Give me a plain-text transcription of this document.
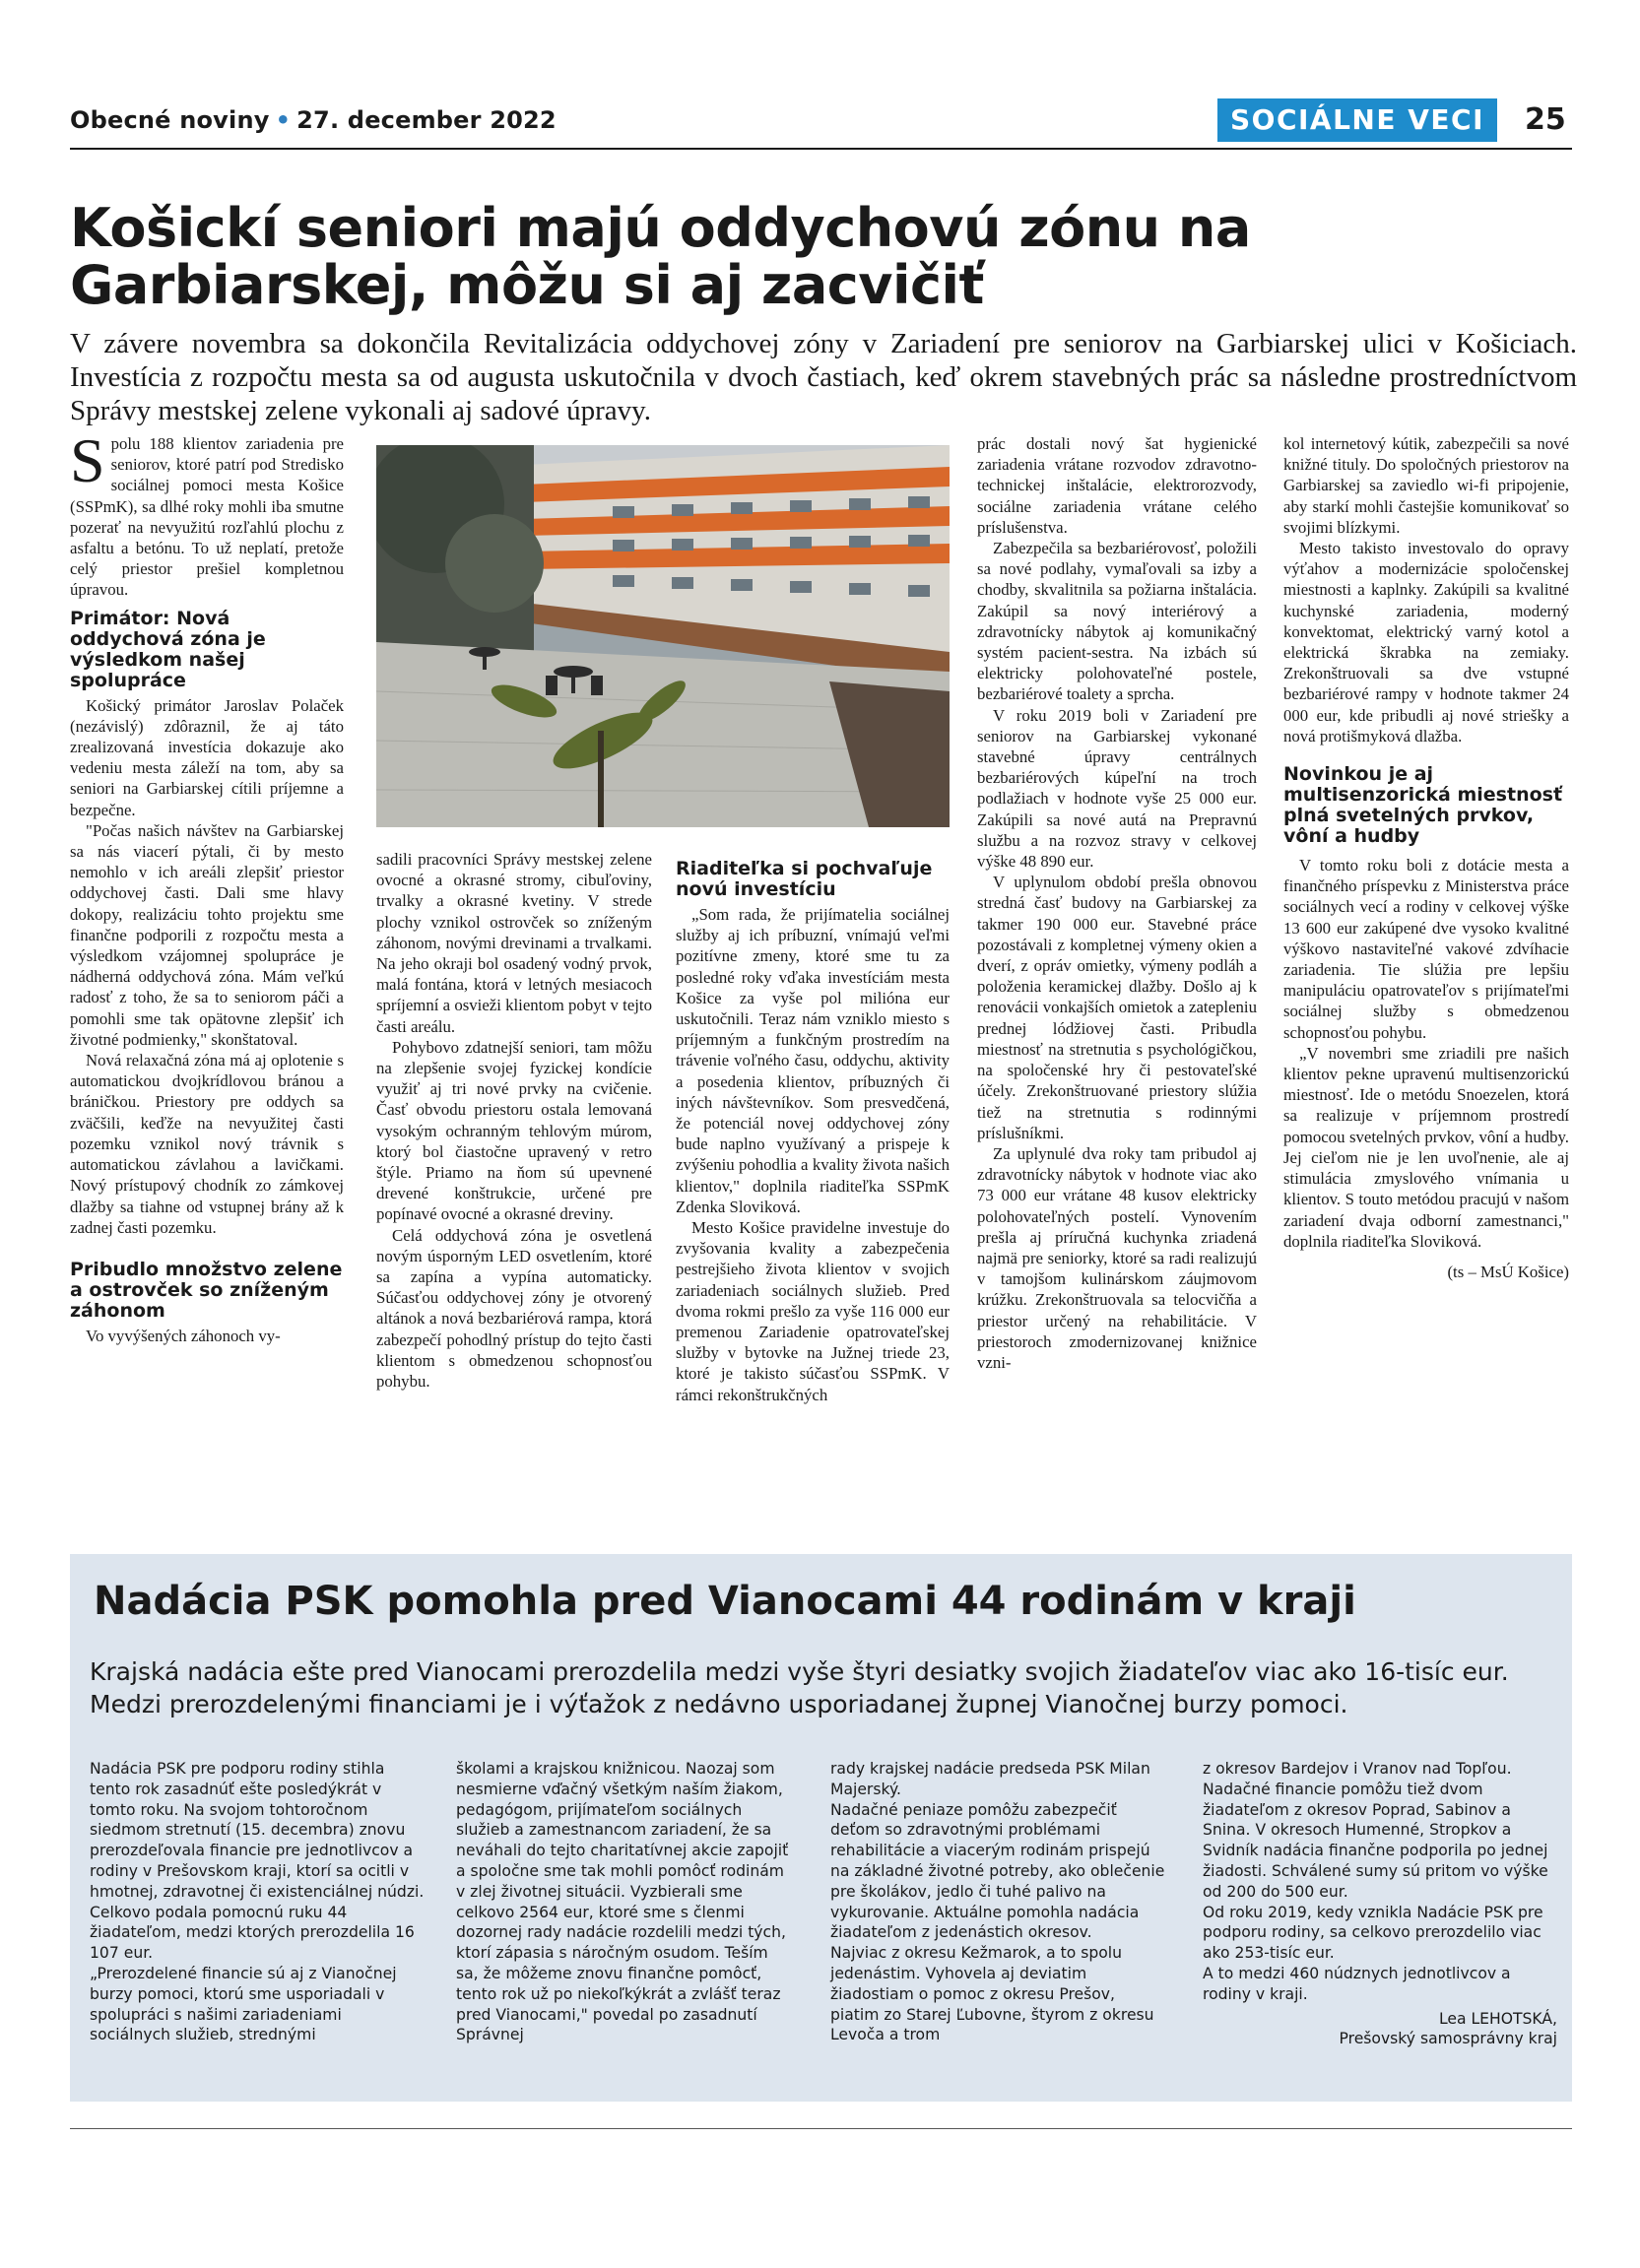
Obecné noviny • 27. december 2022	SOCIÁLNE VECI	25
Košickí seniori majú oddychovú zónu na Garbiarskej, môžu si aj zacvičiť

V závere novembra sa dokončila Revitalizácia oddychovej zóny v Zariadení pre seniorov na Garbiarskej ulici v Košiciach. Investícia z rozpočtu mesta sa od augusta uskutočnila v dvoch častiach, keď okrem stavebných prác sa následne prostredníctvom Správy mestskej zelene vykonali aj sadové úpravy.

Spolu 188 klientov zariadenia pre seniorov, ktoré patrí pod Stredisko sociálnej pomoci mesta Košice (SSPmK), sa dlhé roky mohli iba smutne pozerať na nevyužitú rozľahlú plochu z asfaltu a betónu. To už neplatí, pretože celý priestor prešiel kompletnou úpravou.

Primátor: Nová oddychová zóna je výsledkom našej spolupráce

Košický primátor Jaroslav Polaček (nezávislý) zdôraznil, že aj táto zrealizovaná investícia dokazuje ako vedeniu mesta záleží na tom, aby sa seniori na Garbiarskej cítili príjemne a bezpečne.

"Počas našich návštev na Garbiarskej sa nás viacerí pýtali, či by mesto nemohlo v ich areáli zlepšiť priestor oddychovej časti. Dali sme hlavy dokopy, realizáciu tohto projektu sme finančne podporili z rozpočtu mesta a výsledkom vzájomnej spolupráce je nádherná oddychová zóna. Mám veľkú radosť z toho, že sa to seniorom páči a pomohli sme tak opätovne zlepšiť ich životné podmienky," skonštatoval.

Nová relaxačná zóna má aj oplotenie s automatickou dvojkrídlovou bránou a bráničkou. Priestory pre oddych sa zväčšili, keďže na nevyužitej časti pozemku vznikol nový trávnik s automatickou závlahou a lavičkami. Nový prístupový chodník zo zámkovej dlažby sa tiahne od vstupnej brány až k zadnej časti pozemku.

Pribudlo množstvo zelene a ostrovček so zníženým záhonom

Vo vyvýšených záhonoch vy-

sadili pracovníci Správy mestskej zelene ovocné a okrasné stromy, cibuľoviny, trvalky a okrasné kvetiny. V strede plochy vznikol ostrovček so zníženým záhonom, novými drevinami a trvalkami. Na jeho okraji bol osadený vodný prvok, malá fontána, ktorá v letných mesiacoch spríjemní a osvieži klientom pobyt v tejto časti areálu.

Pohybovo zdatnejší seniori, tam môžu na zlepšenie svojej fyzickej kondície využiť aj tri nové prvky na cvičenie. Časť obvodu priestoru ostala lemovaná vysokým ochranným tehlovým múrom, ktorý bol čiastočne upravený v retro štýle. Priamo na ňom sú upevnené drevené konštrukcie, určené pre popínavé ovocné a okrasné dreviny.

Celá oddychová zóna je osvetlená novým úsporným LED osvetlením, ktoré sa zapína a vypína automaticky. Súčasťou oddychovej zóny je otvorený altánok a nová bezbariérová rampa, ktorá zabezpečí pohodlný prístup do tejto časti klientom s obmedzenou schopnosťou pohybu.

Riaditeľka si pochvaľuje novú investíciu

„Som rada, že prijímatelia sociálnej služby aj ich príbuzní, vnímajú veľmi pozitívne zmeny, ktoré sme tu za posledné roky vďaka investíciám mesta Košice za vyše pol milióna eur uskutočnili. Teraz nám vzniklo miesto s príjemným a funkčným prostredím na trávenie voľného času, oddychu, aktivity a posedenia klientov, príbuzných či iných návštevníkov. Som presvedčená, že potenciál novej oddychovej zóny bude naplno využívaný a prispeje k zvýšeniu pohodlia a kvality života našich klientov," doplnila riaditeľka SSPmK Zdenka Sloviková.

Mesto Košice pravidelne investuje do zvyšovania kvality a zabezpečenia pestrejšieho života klientov v svojich zariadeniach sociálnych služieb. Pred dvoma rokmi prešlo za vyše 116 000 eur premenou Zariadenie opatrovateľskej služby v bytovke na Južnej triede 23, ktoré je takisto súčasťou SSPmK. V rámci rekonštrukčných

prác dostali nový šat hygienické zariadenia vrátane rozvodov zdravotno-technickej inštalácie, elektrorozvody, sociálne zariadenia vrátane celého príslušenstva.

Zabezpečila sa bezbariérovosť, položili sa nové podlahy, vymaľovali sa izby a chodby, skvalitnila sa požiarna inštalácia. Zakúpil sa nový interiérový a zdravotnícky nábytok aj komunikačný systém pacient-sestra. Na izbách sú elektricky polohovateľné postele, bezbariérové toalety a sprcha.

V roku 2019 boli v Zariadení pre seniorov na Garbiarskej vykonané stavebné úpravy centrálnych bezbariérových kúpeľní na troch podlažiach v hodnote vyše 25 000 eur. Zakúpili sa nové autá na Prepravnú službu a na rozvoz stravy v celkovej výške 48 890 eur.

V uplynulom období prešla obnovou stredná časť budovy na Garbiarskej za takmer 190 000 eur. Stavebné práce pozostávali z kompletnej výmeny okien a dverí, z opráv omietky, výmeny podláh a položenia keramickej dlažby. Došlo aj k renovácii vonkajších omietok a zatepleniu prednej lódžiovej časti. Pribudla miestnosť na stretnutia s psychológičkou, na spoločenské hry či pestovateľské účely. Zrekonštruované priestory slúžia tiež na stretnutia s rodinnými príslušníkmi.

Za uplynulé dva roky tam pribudol aj zdravotnícky nábytok v hodnote viac ako 73 000 eur vrátane 48 kusov elektricky polohovateľných postelí. Vynovením prešla aj príručná kuchynka zriadená najmä pre seniorky, ktoré sa radi realizujú v tamojšom kulinárskom záujmovom krúžku. Zrekonštruovala sa telocvičňa a priestor určený na rehabilitácie. V priestoroch zmodernizovanej knižnice vzni-

kol internetový kútik, zabezpečili sa nové knižné tituly. Do spoločných priestorov na Garbiarskej sa zaviedlo wi-fi pripojenie, aby starkí mohli častejšie komunikovať so svojimi blízkymi.

Mesto takisto investovalo do opravy výťahov a modernizácie spoločenskej miestnosti a kaplnky. Zakúpili sa kvalitné kuchynské zariadenia, moderný konvektomat, elektrický varný kotol a elektrická škrabka na zemiaky. Zrekonštruovali sa dve vstupné bezbariérové rampy v hodnote takmer 24 000 eur, kde pribudli aj nové striešky a nová protišmyková dlažba.

Novinkou je aj multisenzorická miestnosť plná svetelných prvkov, vôní a hudby

V tomto roku boli z dotácie mesta a finančného príspevku z Ministerstva práce sociálnych vecí a rodiny v celkovej výške 13 600 eur zakúpené dve vysoko kvalitné výškovo nastaviteľné vakové zdvíhacie zariadenia. Tie slúžia pre lepšiu manipuláciu opatrovateľov s prijímateľmi sociálnej služby s obmedzenou schopnosťou pohybu.

„V novembri sme zriadili pre našich klientov pekne upravenú multisenzorickú miestnosť. Ide o metódu Snoezelen, ktorá sa realizuje v príjemnom prostredí pomocou svetelných prvkov, vôní a hudby. Jej cieľom nie je len uvoľnenie, ale aj stimulácia zmyslového vnímania u klientov. S touto metódou pracujú v našom zariadení dvaja odborní zamestnanci," doplnila riaditeľka Sloviková.

(ts – MsÚ Košice)

Nadácia PSK pomohla pred Vianocami 44 rodinám v kraji

Krajská nadácia ešte pred Vianocami prerozdelila medzi vyše štyri desiatky svojich žiadateľov viac ako 16-tisíc eur. Medzi prerozdelenými financiami je i výťažok z nedávno usporiadanej župnej Vianočnej burzy pomoci.

Nadácia PSK pre podporu rodiny stihla tento rok zasadnúť ešte posledýkrát v tomto roku. Na svojom tohtoročnom siedmom stretnutí (15. decembra) znovu prerozdeľovala financie pre jednotlivcov a rodiny v Prešovskom kraji, ktorí sa ocitli v hmotnej, zdravotnej či existenciálnej núdzi. Celkovo podala pomocnú ruku 44 žiadateľom, medzi ktorých prerozdelila 16 107 eur.

„Prerozdelené financie sú aj z Vianočnej burzy pomoci, ktorú sme usporiadali v spolupráci s našimi zariadeniami sociálnych služieb, strednými

školami a krajskou knižnicou. Naozaj som nesmierne vďačný všetkým naším žiakom, pedagógom, prijímateľom sociálnych služieb a zamestnancom zariadení, že sa neváhali do tejto charitatívnej akcie zapojiť a spoločne sme tak mohli pomôcť rodinám v zlej životnej situácii. Vyzbierali sme celkovo 2564 eur, ktoré sme s členmi dozornej rady nadácie rozdelili medzi tých, ktorí zápasia s náročným osudom. Teším sa, že môžeme znovu finančne pomôcť, tento rok už po niekoľkýkrát a zvlášť teraz pred Vianocami," povedal po zasadnutí Správnej

rady krajskej nadácie predseda PSK Milan Majerský.

Nadačné peniaze pomôžu zabezpečiť deťom so zdravotnými problémami rehabilitácie a viacerým rodinám prispejú na základné životné potreby, ako oblečenie pre školákov, jedlo či tuhé palivo na vykurovanie. Aktuálne pomohla nadácia žiadateľom z jedenástich okresov.

Najviac z okresu Kežmarok, a to spolu jedenástim. Vyhovela aj deviatim žiadostiam o pomoc z okresu Prešov, piatim zo Starej Ľubovne, štyrom z okresu Levoča a trom

z okresov Bardejov i Vranov nad Topľou. Nadačné financie pomôžu tiež dvom žiadateľom z okresov Poprad, Sabinov a Snina. V okresoch Humenné, Stropkov a Svidník nadácia finančne podporila po jednej žiadosti. Schválené sumy sú pritom vo výške od 200 do 500 eur.

Od roku 2019, kedy vznikla Nadácie PSK pre podporu rodiny, sa celkovo prerozdelilo viac ako 253-tisíc eur.

A to medzi 460 núdznych jednotlivcov a rodiny v kraji.

Lea LEHOTSKÁ,

Prešovský samosprávny kraj
